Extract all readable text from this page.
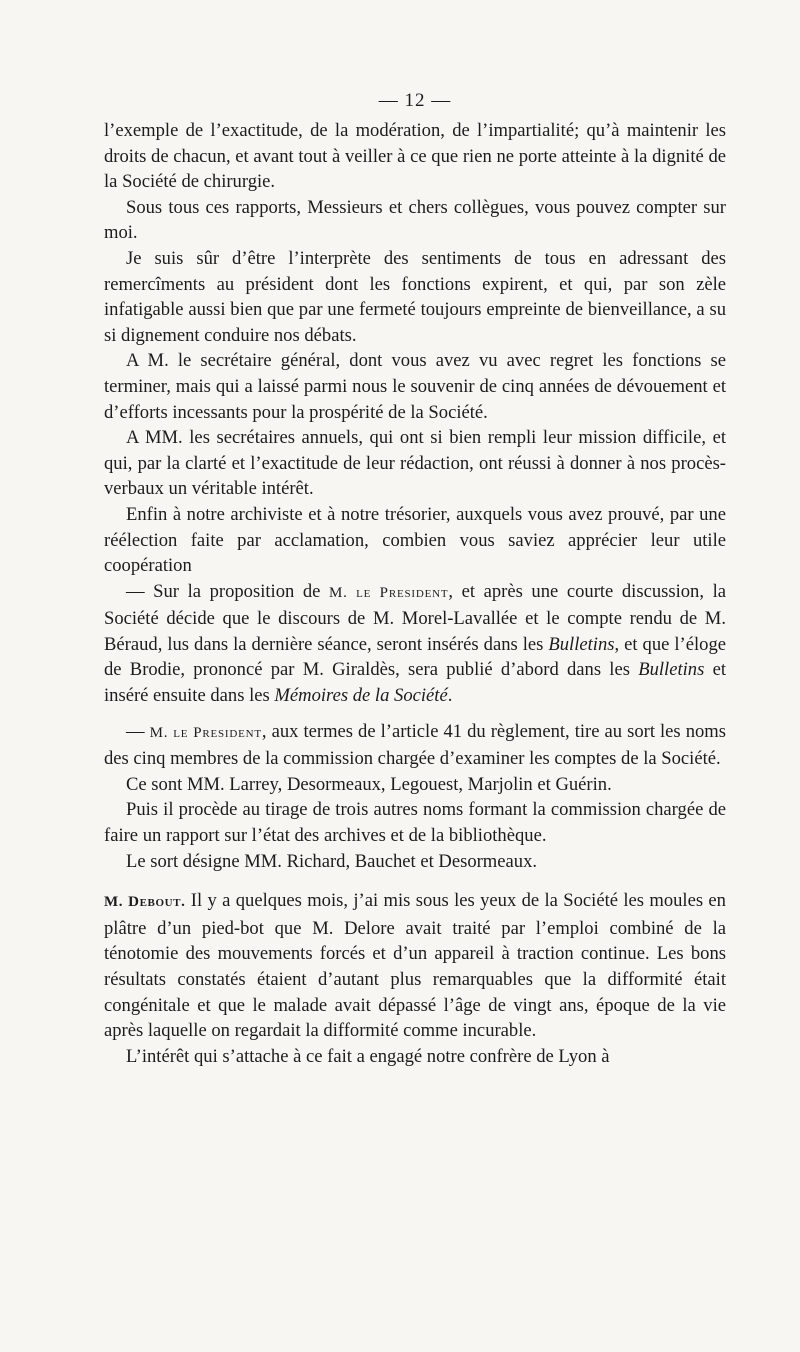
— 12 —

l’exemple de l’exactitude, de la modération, de l’impartialité; qu’à maintenir les droits de chacun, et avant tout à veiller à ce que rien ne porte atteinte à la dignité de la Société de chirurgie.

Sous tous ces rapports, Messieurs et chers collègues, vous pouvez compter sur moi.

Je suis sûr d’être l’interprète des sentiments de tous en adressant des remercîments au président dont les fonctions expirent, et qui, par son zèle infatigable aussi bien que par une fermeté toujours empreinte de bienveillance, a su si dignement conduire nos débats.

A M. le secrétaire général, dont vous avez vu avec regret les fonctions se terminer, mais qui a laissé parmi nous le souvenir de cinq années de dévouement et d’efforts incessants pour la prospérité de la Société.

A MM. les secrétaires annuels, qui ont si bien rempli leur mission difficile, et qui, par la clarté et l’exactitude de leur rédaction, ont réussi à donner à nos procès-verbaux un véritable intérêt.

Enfin à notre archiviste et à notre trésorier, auxquels vous avez prouvé, par une réélection faite par acclamation, combien vous saviez apprécier leur utile coopération

— Sur la proposition de M. le President, et après une courte discussion, la Société décide que le discours de M. Morel-Lavallée et le compte rendu de M. Béraud, lus dans la dernière séance, seront insérés dans les Bulletins, et que l’éloge de Brodie, prononcé par M. Giraldès, sera publié d’abord dans les Bulletins et inséré ensuite dans les Mémoires de la Société.

— M. le President, aux termes de l’article 41 du règlement, tire au sort les noms des cinq membres de la commission chargée d’examiner les comptes de la Société.

Ce sont MM. Larrey, Desormeaux, Legouest, Marjolin et Guérin.

Puis il procède au tirage de trois autres noms formant la commission chargée de faire un rapport sur l’état des archives et de la bibliothèque.

Le sort désigne MM. Richard, Bauchet et Desormeaux.

M. Debout. Il y a quelques mois, j’ai mis sous les yeux de la Société les moules en plâtre d’un pied-bot que M. Delore avait traité par l’emploi combiné de la ténotomie des mouvements forcés et d’un appareil à traction continue. Les bons résultats constatés étaient d’autant plus remarquables que la difformité était congénitale et que le malade avait dépassé l’âge de vingt ans, époque de la vie après laquelle on regardait la difformité comme incurable.

L’intérêt qui s’attache à ce fait a engagé notre confrère de Lyon à
